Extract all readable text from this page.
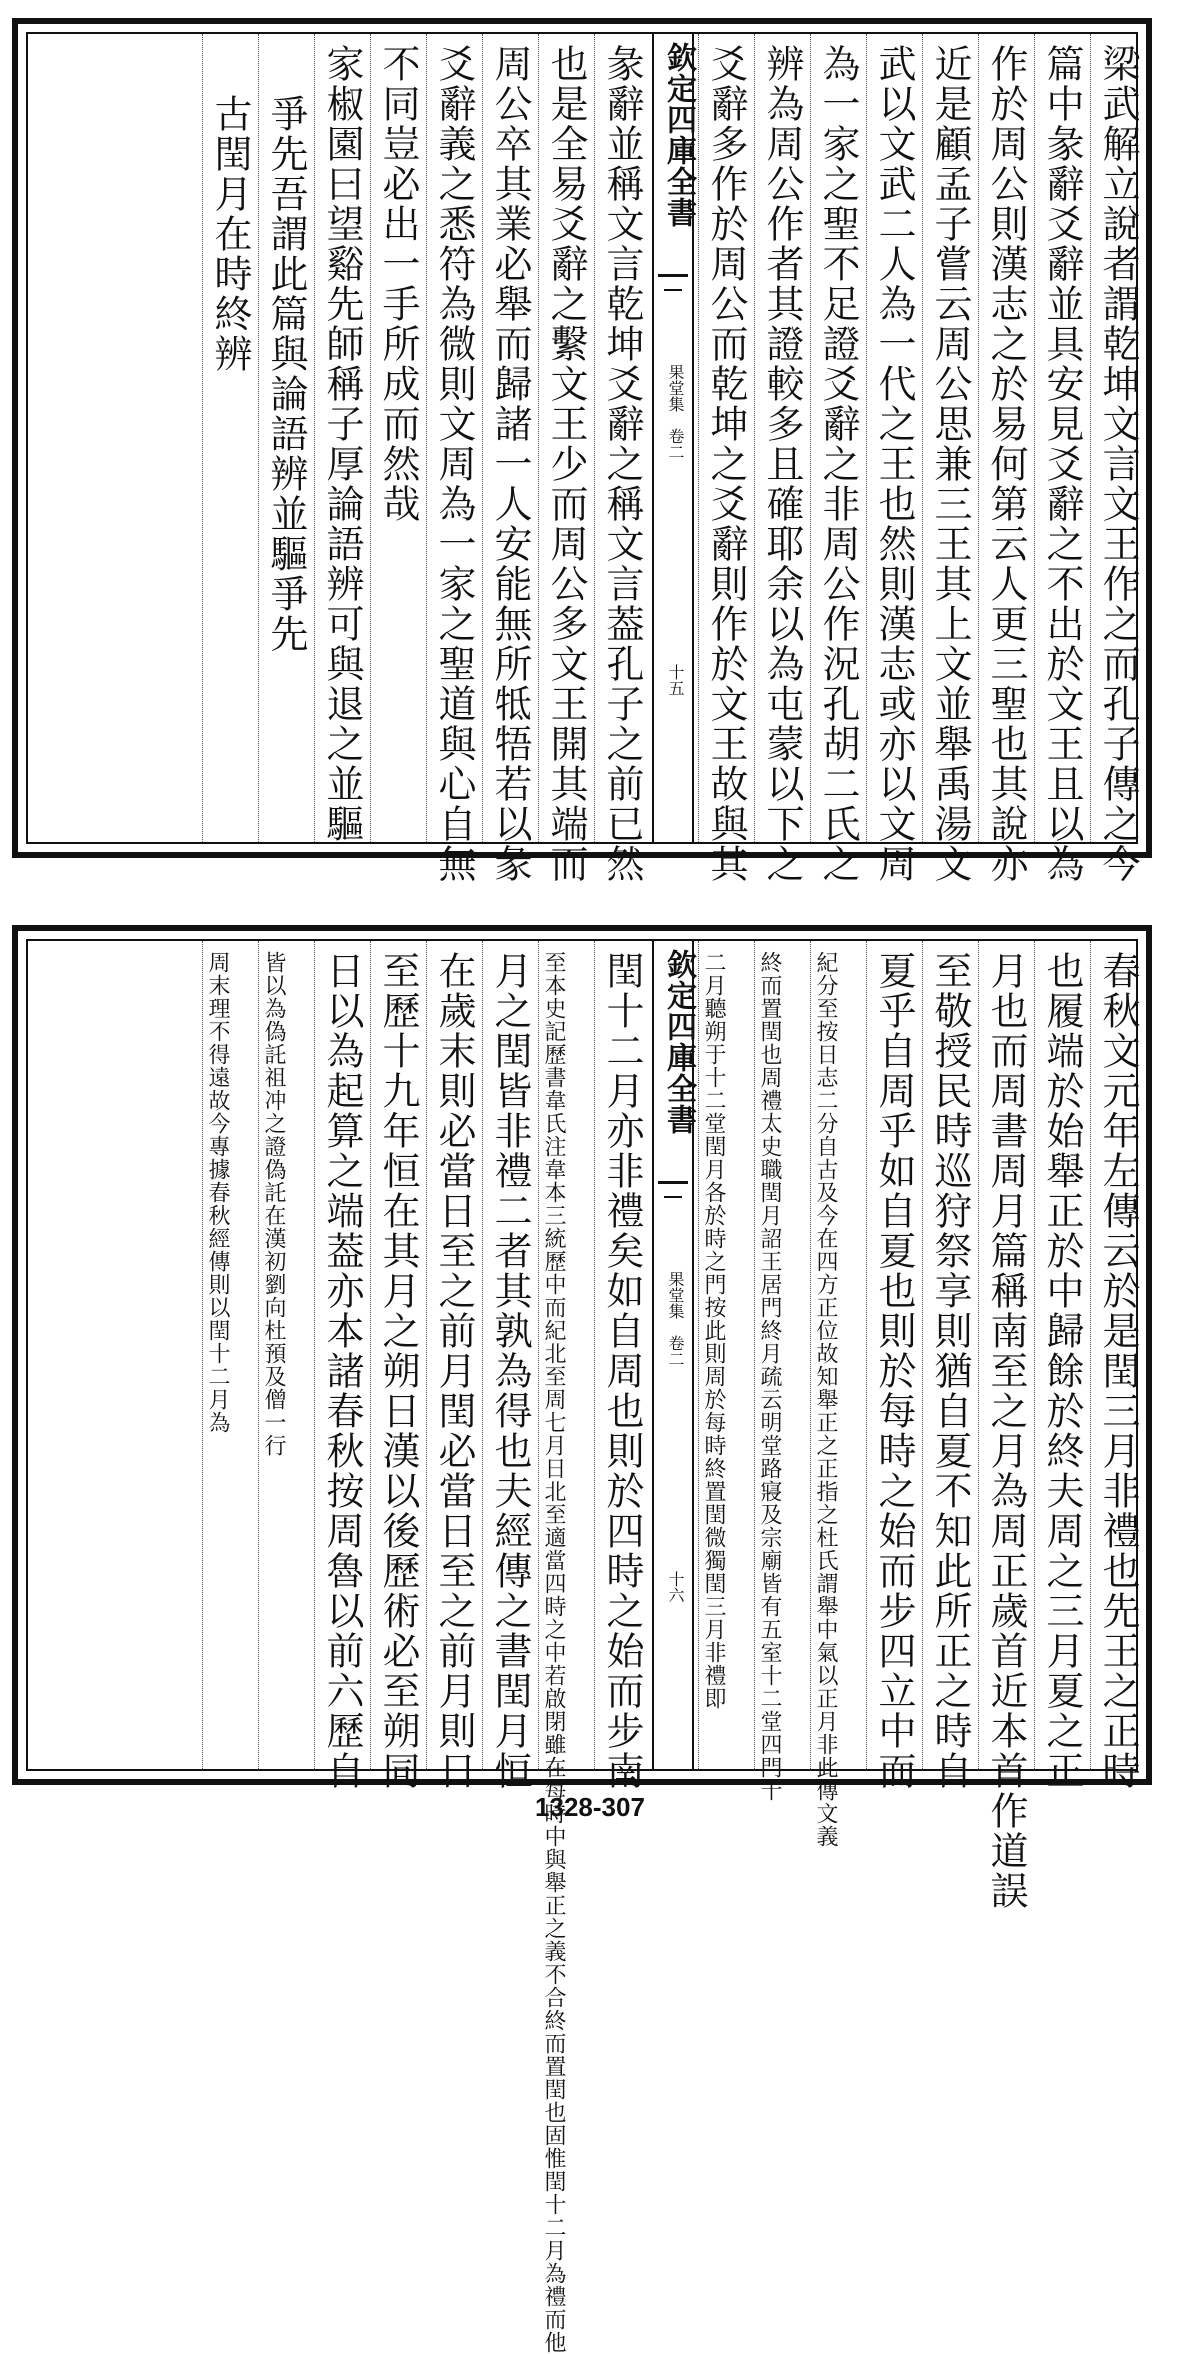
梁武解立說者謂乾坤文言文王作之而孔子傳之今
篇中彖辭爻辭並具安見爻辭之不出於文王且以為
作於周公則漢志之於易何第云人更三聖也其說亦
近是顧孟子嘗云周公思兼三王其上文並舉禹湯文
武以文武二人為一代之王也然則漢志或亦以文周
為一家之聖不足證爻辭之非周公作況孔胡二氏之
辨為周公作者其證較多且確耶余以為屯蒙以下之
爻辭多作於周公而乾坤之爻辭則作於文王故與其
欽定四庫全書
果堂集　卷二
十五
彖辭並稱文言乾坤爻辭之稱文言葢孔子之前已然
也是全易爻辭之繫文王少而周公多文王開其端而
周公卒其業必舉而歸諸一人安能無所牴牾若以彖
爻辭義之悉符為微則文周為一家之聖道與心自無
不同豈必出一手所成而然哉
家椒園曰望谿先師稱子厚論語辨可與退之並驅
爭先吾謂此篇與論語辨並驅爭先
古閏月在時終辨
春秋文元年左傳云於是閏三月非禮也先王之正時
也履端於始舉正於中歸餘於終夫周之三月夏之正
月也而周書周月篇稱南至之月為周正歲首近本首作道誤
至敬授民時巡狩祭享則猶自夏不知此所正之時自
夏乎自周乎如自夏也則於每時之始而步四立中而
紀分至按日志二分自古及今在四方正位故知舉正之正指之杜氏謂舉中氣以正月非此傳文義
終而置閏也周禮太史職閏月詔王居門終月疏云明堂路寢及宗廟皆有五室十二堂四門十
二月聽朔于十二堂閏月各於時之門按此則周於每時終置閏微獨閏三月非禮即
欽定四庫全書
果堂集　卷二
十六
閏十二月亦非禮矣如自周也則於四時之始而步南
至本史記歷書韋氏注韋本三統歷中而紀北至周七月日北至適當四時之中若啟閉雖在每時中與舉正之義不合終而置閏也固惟閏十二月為禮而他
月之閏皆非禮二者其孰為得也夫經傳之書閏月恒
在歲末則必當日至之前月閏必當日至之前月則日
至歷十九年恒在其月之朔日漢以後歷術必至朔同
日以為起算之端葢亦本諸春秋按周魯以前六歷自
皆以為偽託祖冲之證偽託在漢初劉向杜預及僧一行
周末理不得遠故今專據春秋經傳則以閏十二月為
1328-307
